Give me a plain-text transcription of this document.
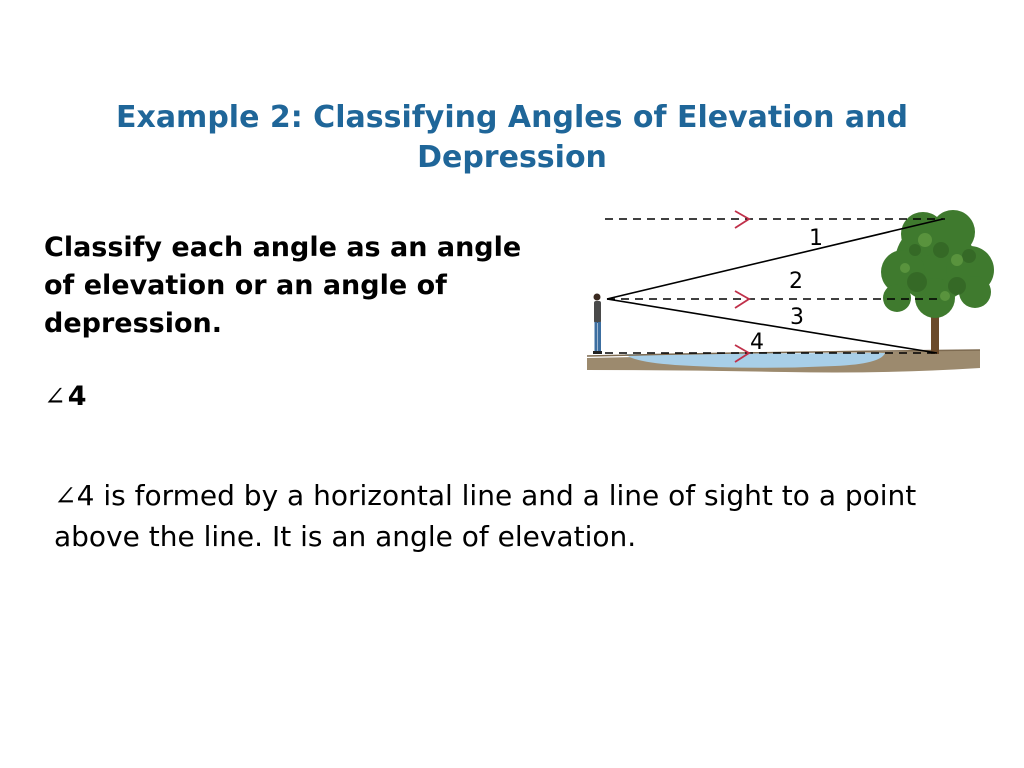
Example 2: Classifying Angles of Elevation and Depression
Classify each angle as an angle of elevation or an angle of depression.
∠4
∠4 is formed by a horizontal line and a line of sight to a point above the line. It is an angle of elevation.
1
2
3
4
